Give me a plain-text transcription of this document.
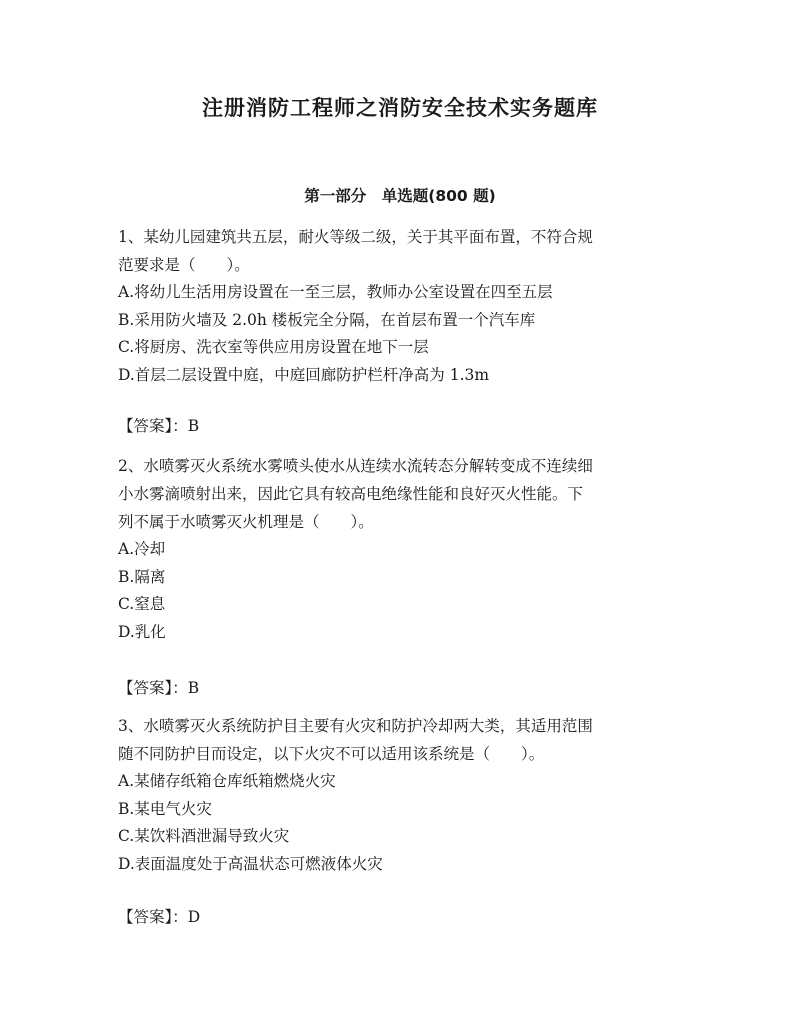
注册消防工程师之消防安全技术实务题库
第一部分　单选题(800 题)

1、某幼儿园建筑共五层，耐火等级二级，关于其平面布置，不符合规

范要求是（　　）。

A.将幼儿生活用房设置在一至三层，教师办公室设置在四至五层

B.采用防火墙及 2.0h 楼板完全分隔，在首层布置一个汽车库

C.将厨房、洗衣室等供应用房设置在地下一层

D.首层二层设置中庭，中庭回廊防护栏杆净高为 1.3m

【答案】：B

2、水喷雾灭火系统水雾喷头使水从连续水流转态分解转变成不连续细

小水雾滴喷射出来，因此它具有较高电绝缘性能和良好灭火性能。下

列不属于水喷雾灭火机理是（　　）。

A.冷却

B.隔离

C.窒息

D.乳化

【答案】：B

3、水喷雾灭火系统防护目主要有火灾和防护冷却两大类，其适用范围

随不同防护目而设定，以下火灾不可以适用该系统是（　　）。

A.某储存纸箱仓库纸箱燃烧火灾

B.某电气火灾

C.某饮料酒泄漏导致火灾

D.表面温度处于高温状态可燃液体火灾

【答案】：D
